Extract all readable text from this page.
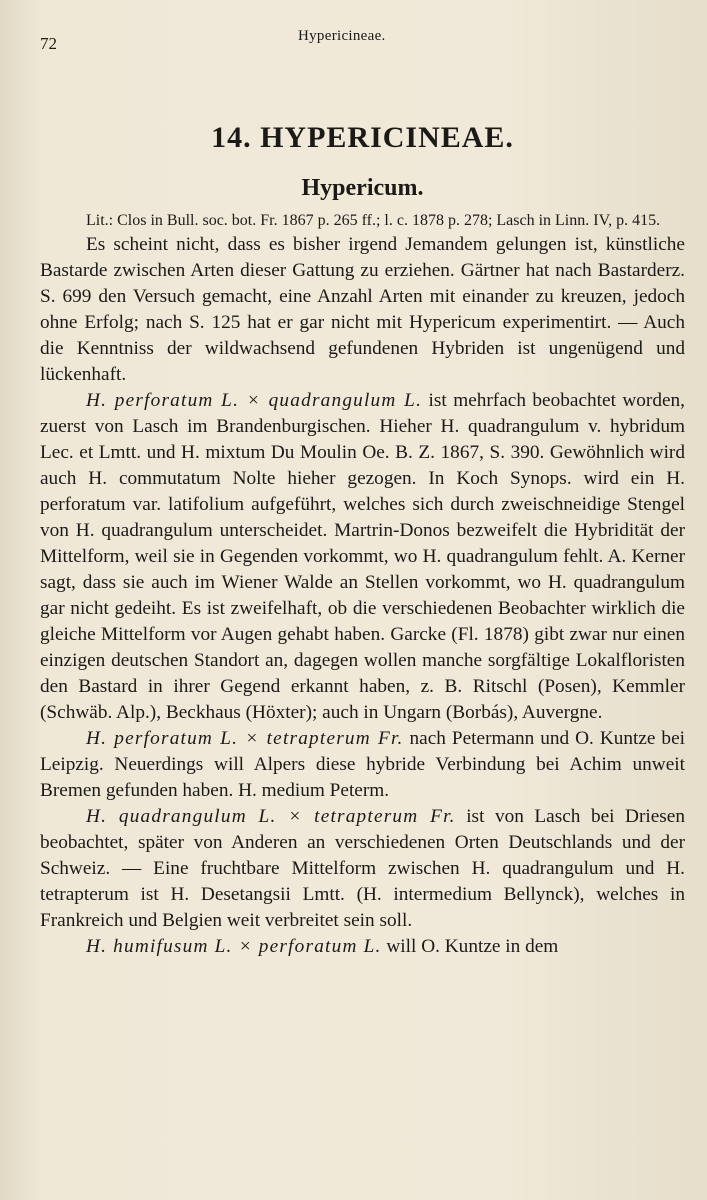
72	Hypericineae.
14. HYPERICINEAE.
Hypericum.

Lit.: Clos in Bull. soc. bot. Fr. 1867 p. 265 ff.; l. c. 1878 p. 278; Lasch in Linn. IV, p. 415.

Es scheint nicht, dass es bisher irgend Jemandem gelungen ist, künstliche Bastarde zwischen Arten dieser Gattung zu erziehen. Gärtner hat nach Bastarderz. S. 699 den Versuch gemacht, eine Anzahl Arten mit einander zu kreuzen, jedoch ohne Erfolg; nach S. 125 hat er gar nicht mit Hypericum experimentirt. — Auch die Kenntniss der wildwachsend gefundenen Hybriden ist ungenügend und lückenhaft.

H. perforatum L. × quadrangulum L. ist mehrfach beobachtet worden, zuerst von Lasch im Brandenburgischen. Hieher H. quadrangulum v. hybridum Lec. et Lmtt. und H. mixtum Du Moulin Oe. B. Z. 1867, S. 390. Gewöhnlich wird auch H. commutatum Nolte hieher gezogen. In Koch Synops. wird ein H. perforatum var. latifolium aufgeführt, welches sich durch zweischneidige Stengel von H. quadrangulum unterscheidet. Martrin-Donos bezweifelt die Hybridität der Mittelform, weil sie in Gegenden vorkommt, wo H. quadrangulum fehlt. A. Kerner sagt, dass sie auch im Wiener Walde an Stellen vorkommt, wo H. quadrangulum gar nicht gedeiht. Es ist zweifelhaft, ob die verschiedenen Beobachter wirklich die gleiche Mittelform vor Augen gehabt haben. Garcke (Fl. 1878) gibt zwar nur einen einzigen deutschen Standort an, dagegen wollen manche sorgfältige Lokalfloristen den Bastard in ihrer Gegend erkannt haben, z. B. Ritschl (Posen), Kemmler (Schwäb. Alp.), Beckhaus (Höxter); auch in Ungarn (Borbás), Auvergne.

H. perforatum L. × tetrapterum Fr. nach Petermann und O. Kuntze bei Leipzig. Neuerdings will Alpers diese hybride Verbindung bei Achim unweit Bremen gefunden haben. H. medium Peterm.

H. quadrangulum L. × tetrapterum Fr. ist von Lasch bei Driesen beobachtet, später von Anderen an verschiedenen Orten Deutschlands und der Schweiz. — Eine fruchtbare Mittelform zwischen H. quadrangulum und H. tetrapterum ist H. Desetangsii Lmtt. (H. intermedium Bellynck), welches in Frankreich und Belgien weit verbreitet sein soll.

H. humifusum L. × perforatum L. will O. Kuntze in dem
